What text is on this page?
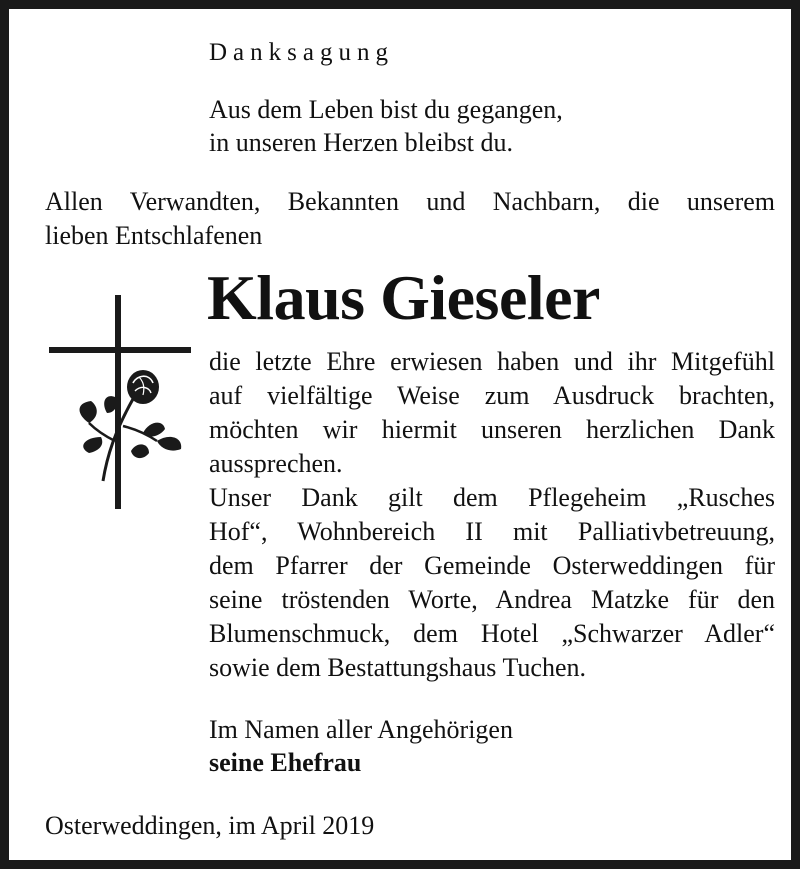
Danksagung

Aus dem Leben bist du gegangen,
in unseren Herzen bleibst du.
Allen Verwandten, Bekannten und Nachbarn, die unserem
lieben Entschlafenen
Klaus Gieseler
die letzte Ehre erwiesen haben und ihr Mitgefühl
auf vielfältige Weise zum Ausdruck brachten,
möchten wir hiermit unseren herzlichen Dank
aussprechen.
Unser Dank gilt dem Pflegeheim „Rusches
Hof“, Wohnbereich II mit Palliativbetreuung,
dem Pfarrer der Gemeinde Osterweddingen für
seine tröstenden Worte, Andrea Matzke für den
Blumenschmuck, dem Hotel „Schwarzer Adler“
sowie dem Bestattungshaus Tuchen.

Im Namen aller Angehörigen

seine Ehefrau

Osterweddingen, im April 2019
